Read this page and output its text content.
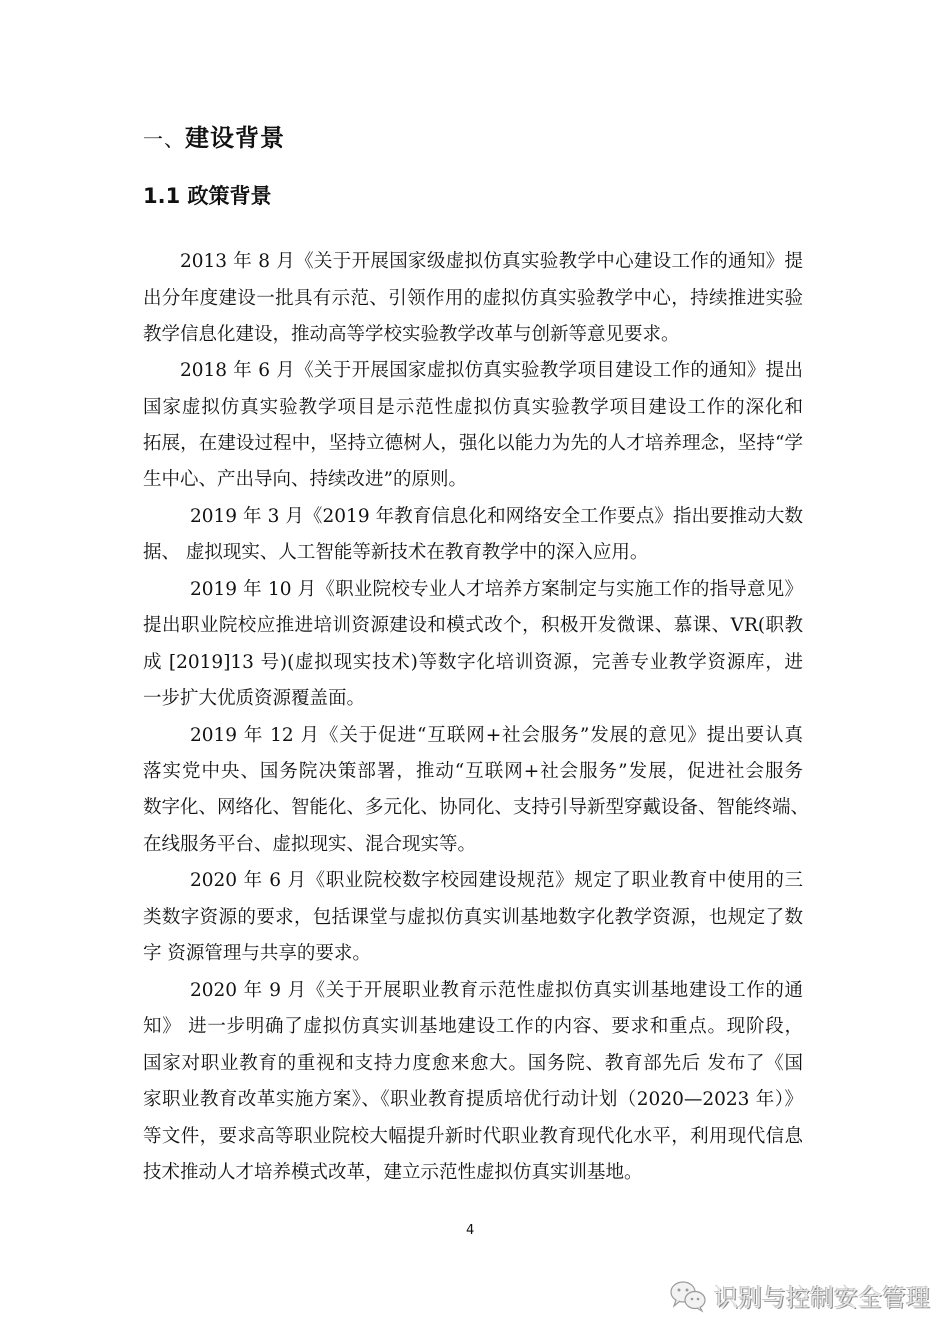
一、建设背景
1.1 政策背景
2013 年 8 月《关于开展国家级虚拟仿真实验教学中心建设工作的通知》提
出分年度建设一批具有示范、引领作用的虚拟仿真实验教学中心，持续推进实验
教学信息化建设，推动高等学校实验教学改革与创新等意见要求。
2018 年 6 月《关于开展国家虚拟仿真实验教学项目建设工作的通知》提出
国家虚拟仿真实验教学项目是示范性虚拟仿真实验教学项目建设工作的深化和
拓展，在建设过程中，坚持立德树人，强化以能力为先的人才培养理念，坚持“学
生中心、产出导向、持续改进”的原则。
2019 年 3 月《2019 年教育信息化和网络安全工作要点》指出要推动大数
据、 虚拟现实、人工智能等新技术在教育教学中的深入应用。
2019 年 10 月《职业院校专业人才培养方案制定与实施工作的指导意见》
提出职业院校应推进培训资源建设和模式改个，积极开发微课、慕课、VR(职教
成 [2019]13 号)(虚拟现实技术)等数字化培训资源，完善专业教学资源库，进
一步扩大优质资源覆盖面。
2019 年 12 月《关于促进“互联网+社会服务”发展的意见》提出要认真
落实党中央、国务院决策部署，推动“互联网+社会服务”发展，促进社会服务
数字化、网络化、智能化、多元化、协同化、支持引导新型穿戴设备、智能终端、
在线服务平台、虚拟现实、混合现实等。
2020 年 6 月《职业院校数字校园建设规范》规定了职业教育中使用的三
类数字资源的要求，包括课堂与虚拟仿真实训基地数字化教学资源，也规定了数
字 资源管理与共享的要求。
2020 年 9 月《关于开展职业教育示范性虚拟仿真实训基地建设工作的通
知》 进一步明确了虚拟仿真实训基地建设工作的内容、要求和重点。现阶段，
国家对职业教育的重视和支持力度愈来愈大。国务院、教育部先后 发布了《国
家职业教育改革实施方案》、《职业教育提质培优行动计划（2020—2023 年）》
等文件，要求高等职业院校大幅提升新时代职业教育现代化水平，利用现代信息
技术推动人才培养模式改革，建立示范性虚拟仿真实训基地。
4
识别与控制安全管理
